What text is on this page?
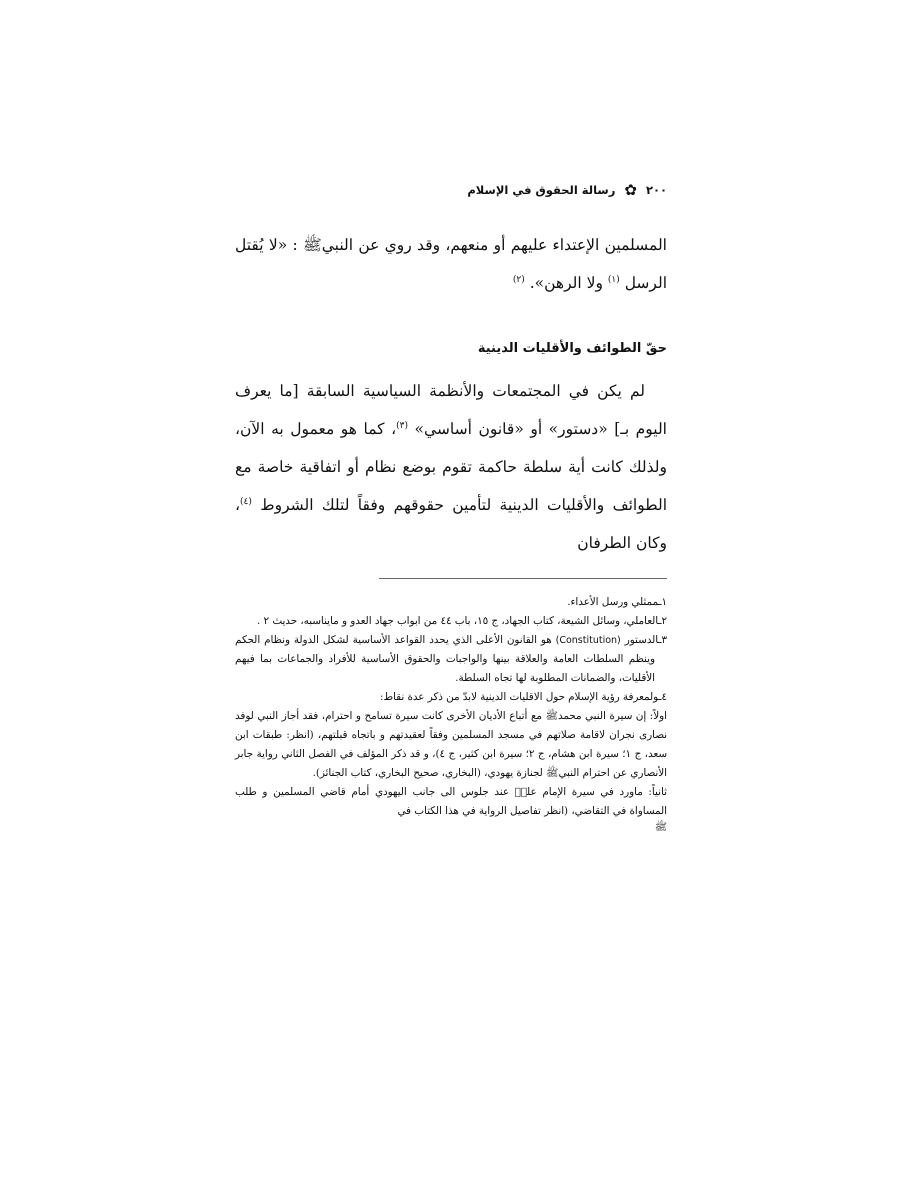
٢٠٠
✿
رسالة الحقوق في الإسلام

المسلمين الإعتداء عليهم أو منعهم، وقد روي عن النبيﷺ : «لا يُقتل الرسل $^{(١)}$ ولا الرهن». $^{(٢)}$

حقّ الطوائف والأقليات الدينية

لم يكن في المجتمعات والأنظمة السياسية السابقة [ما يعرف اليوم بـ] «دستور» أو «قانون أساسي» $^{(٣)}$، كما هو معمول به الآن، ولذلك كانت أية سلطة حاكمة تقوم بوضع نظام أو اتفاقية خاصة مع الطوائف والأقليات الدينية لتأمين حقوقهم وفقاً لتلك الشروط $^{(٤)}$، وكان الطرفان

١ـممثلي ورسل الأعداء.

٢ـالعاملي، وسائل الشيعة، كتاب الجهاد، ج ١٥، باب ٤٤ من ابواب جهاد العدو و ماينا‌سبه، حديث ٢ .

٣ـالدستور (Constitution) هو القانون الأعلى الذي يحدد القواعد الأساسية لشكل الدولة ونظام الحكم وينظم السلطات العامة والعلاقة بينها والواجبات والحقوق الأساسية للأفراد والجماعات بما فيهم الأقليات، والضمانات المطلوبة لها تجاه السلطة.

٤ـولمعرفة رؤية الإسلام حول الاقليات الدينية لابدّ من ذكر عدة نقاط:

اولاً: إن سيرة النبي محمدﷺ مع أتباع الأديان الأخرى كانت سيرة تسامح و احترام، فقد أجاز النبي لوفد نصارى نجران لاقامة صلاتهم في مسجد المسلمين وفقاً لعقيدتهم و باتجاه قبلتهم، (انظر: طبقات ابن سعد، ج ١؛ سيرة ابن هشام، ج ٢؛ سيرة ابن كثير، ج ٤)، و قد ذكر المؤلف في الفصل الثاني رواية جابر الأنصاري عن احترام النبيﷺ لجنازة يهودي، (البخاري، صحيح البخاري، كتاب الجنائز).

ثانياً: ماورد في سيرة الإمام عليؑ عند جلوس الى جانب اليهودي أمام قاضي المسلمين و طلب المساواة في التقاضي، (انظر تفاصيل الرواية في هذا الكتاب في

ﷺ
